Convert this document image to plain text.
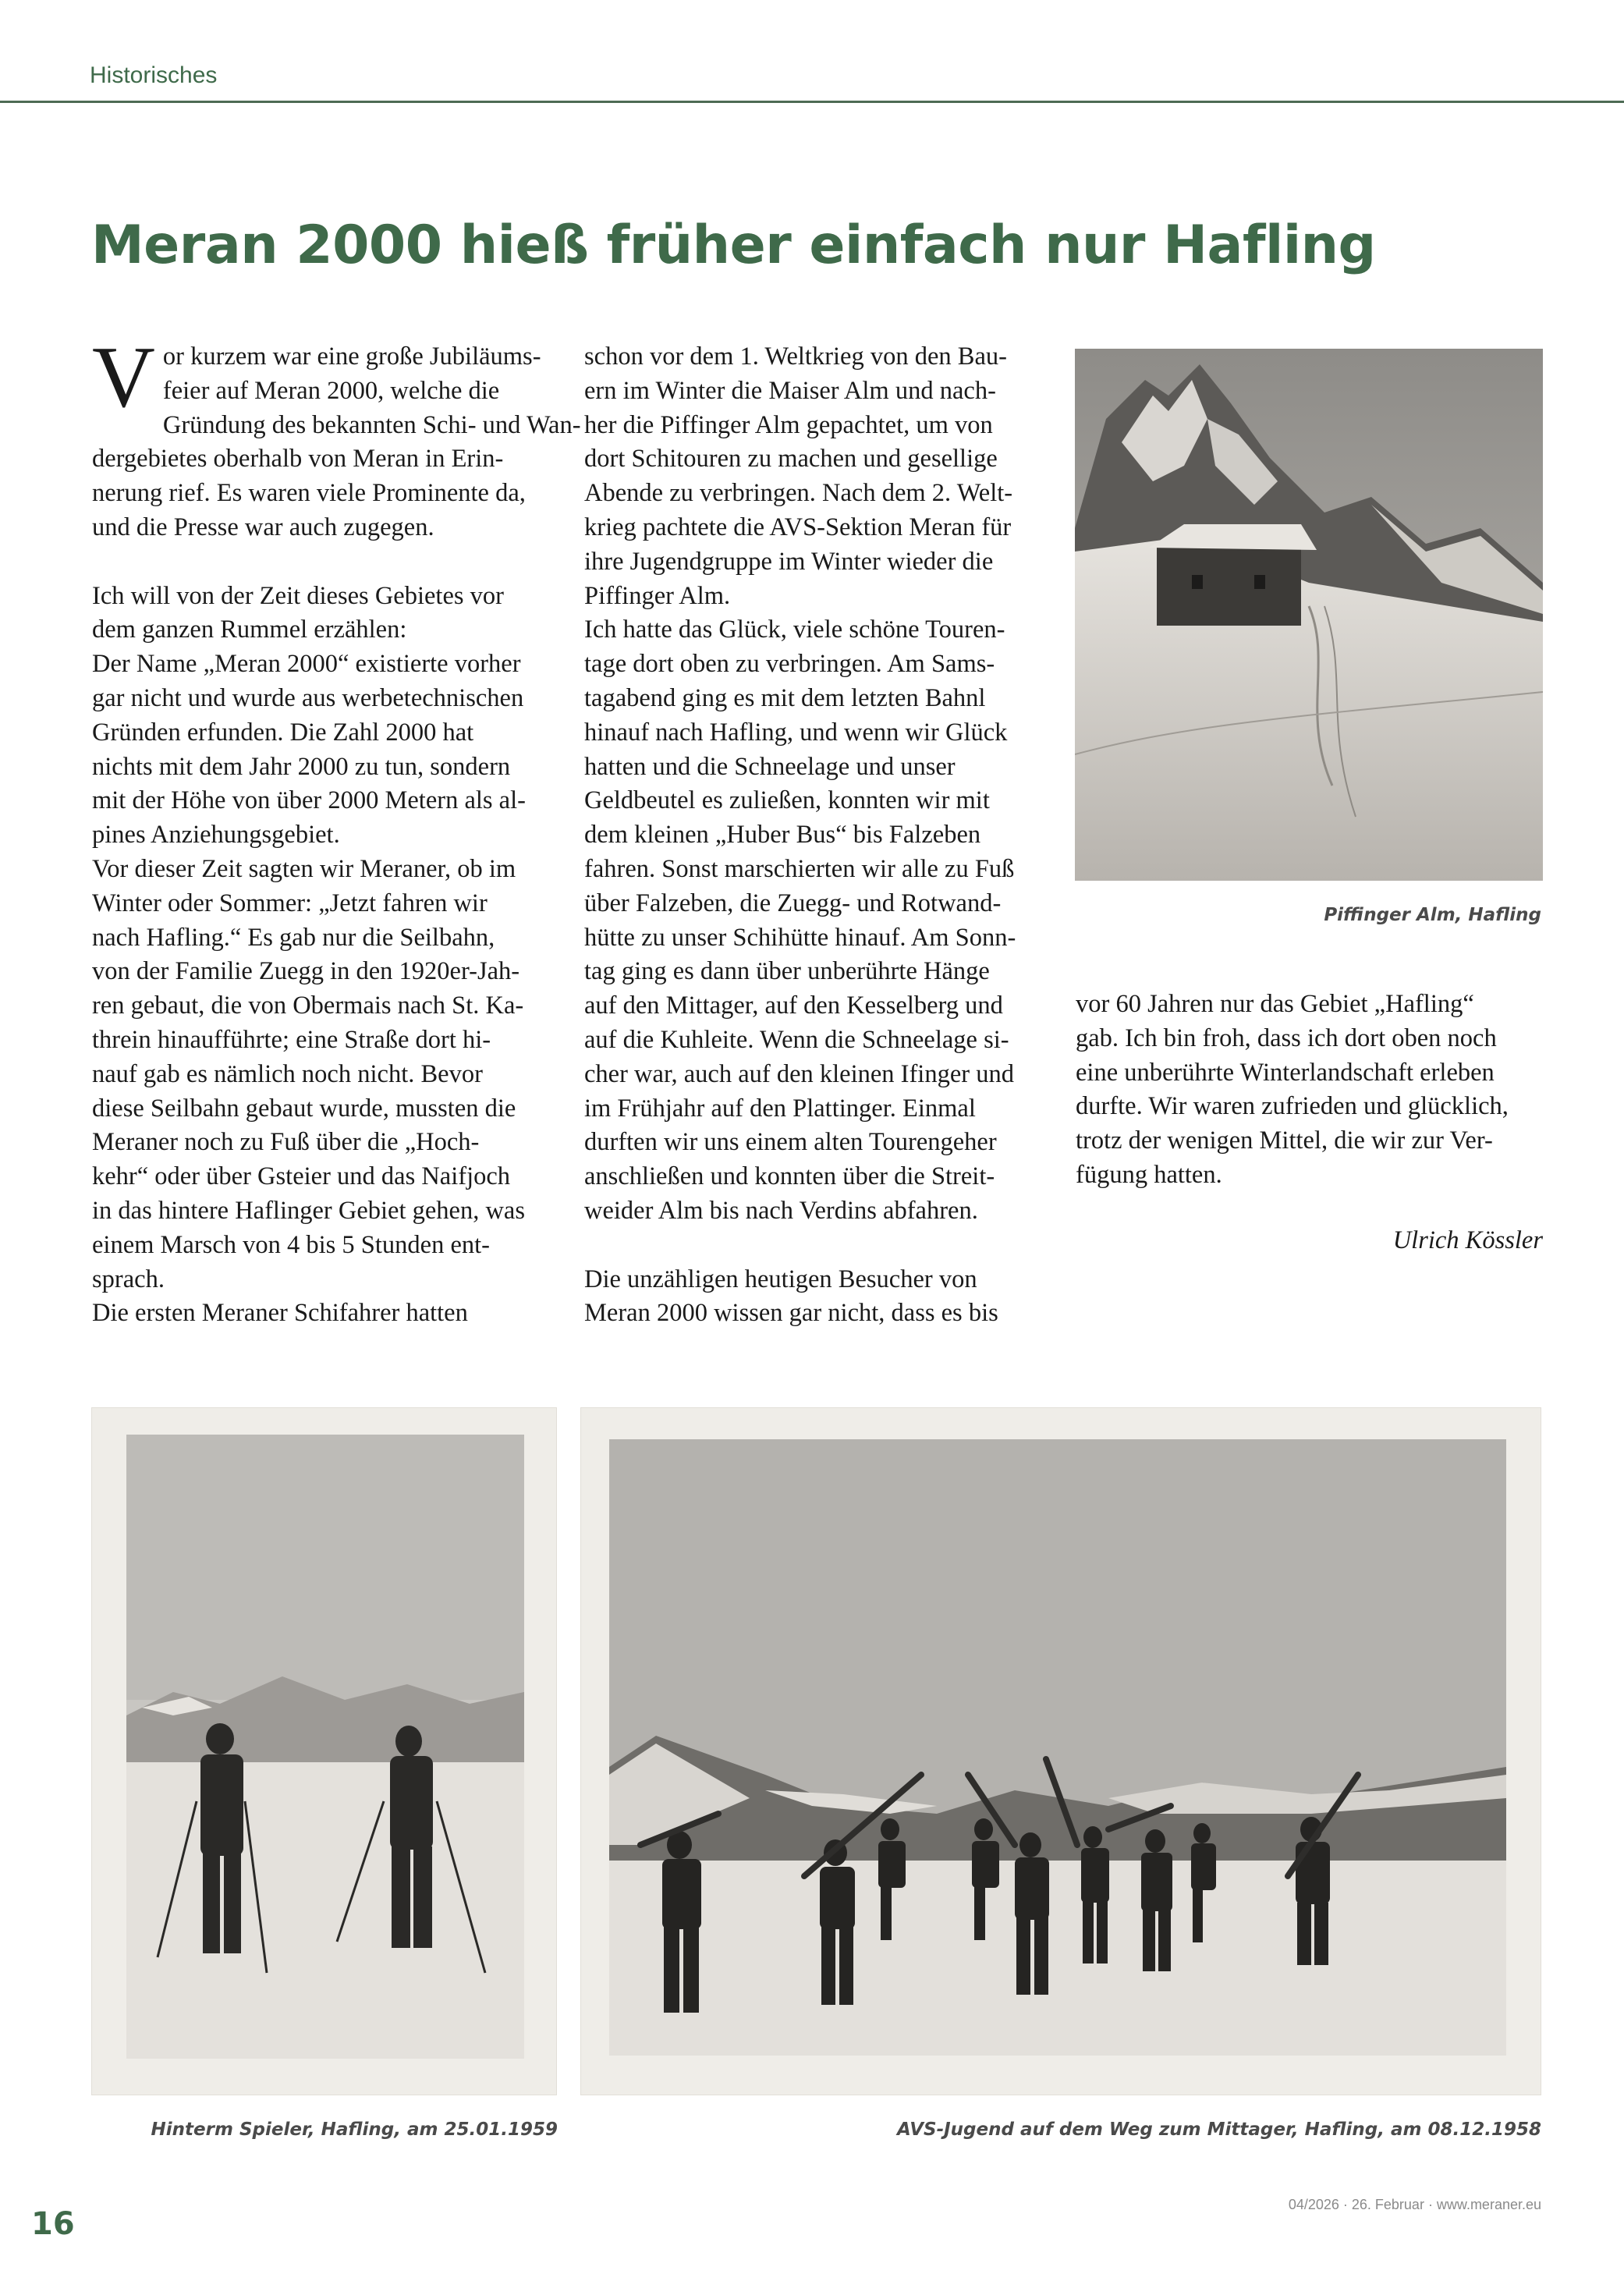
Historisches
Meran 2000 hieß früher einfach nur Hafling
V or kurzem war eine große Jubiläums-
feier auf Meran 2000, welche die
Gründung des bekannten Schi- und Wan-
dergebietes oberhalb von Meran in Erin-
nerung rief. Es waren viele Prominente da,
und die Presse war auch zugegen.
Ich will von der Zeit dieses Gebietes vor
dem ganzen Rummel erzählen:
Der Name „Meran 2000“ existierte vorher
gar nicht und wurde aus werbetechnischen
Gründen erfunden. Die Zahl 2000 hat
nichts mit dem Jahr 2000 zu tun, sondern
mit der Höhe von über 2000 Metern als al-
pines Anziehungsgebiet.
Vor dieser Zeit sagten wir Meraner, ob im
Winter oder Sommer: „Jetzt fahren wir
nach Hafling.“ Es gab nur die Seilbahn,
von der Familie Zuegg in den 1920er-Jah-
ren gebaut, die von Obermais nach St. Ka-
threin hinaufführte; eine Straße dort hi-
nauf gab es nämlich noch nicht. Bevor
diese Seilbahn gebaut wurde, mussten die
Meraner noch zu Fuß über die „Hoch-
kehr“ oder über Gsteier und das Naifjoch
in das hintere Haflinger Gebiet gehen, was
einem Marsch von 4 bis 5 Stunden ent-
sprach.
Die ersten Meraner Schifahrer hatten
schon vor dem 1. Weltkrieg von den Bau-
ern im Winter die Maiser Alm und nach-
her die Piffinger Alm gepachtet, um von
dort Schitouren zu machen und gesellige
Abende zu verbringen. Nach dem 2. Welt-
krieg pachtete die AVS-Sektion Meran für
ihre Jugendgruppe im Winter wieder die
Piffinger Alm.
Ich hatte das Glück, viele schöne Touren-
tage dort oben zu verbringen. Am Sams-
tagabend ging es mit dem letzten Bahnl
hinauf nach Hafling, und wenn wir Glück
hatten und die Schneelage und unser
Geldbeutel es zuließen, konnten wir mit
dem kleinen „Huber Bus“ bis Falzeben
fahren. Sonst marschierten wir alle zu Fuß
über Falzeben, die Zuegg- und Rotwand-
hütte zu unser Schihütte hinauf. Am Sonn-
tag ging es dann über unberührte Hänge
auf den Mittager, auf den Kesselberg und
auf die Kuhleite. Wenn die Schneelage si-
cher war, auch auf den kleinen Ifinger und
im Frühjahr auf den Plattinger. Einmal
durften wir uns einem alten Tourengeher
anschließen und konnten über die Streit-
weider Alm bis nach Verdins abfahren.
Die unzähligen heutigen Besucher von
Meran 2000 wissen gar nicht, dass es bis
vor 60 Jahren nur das Gebiet „Hafling“
gab. Ich bin froh, dass ich dort oben noch
eine unberührte Winterlandschaft erleben
durfte. Wir waren zufrieden und glücklich,
trotz der wenigen Mittel, die wir zur Ver-
fügung hatten.
Ulrich Kössler
Piffinger Alm, Hafling
Hinterm Spieler, Hafling, am 25.01.1959	AVS-Jugend auf dem Weg zum Mittager, Hafling, am 08.12.1958
16
04/2026 · 26. Februar · www.meraner.eu
